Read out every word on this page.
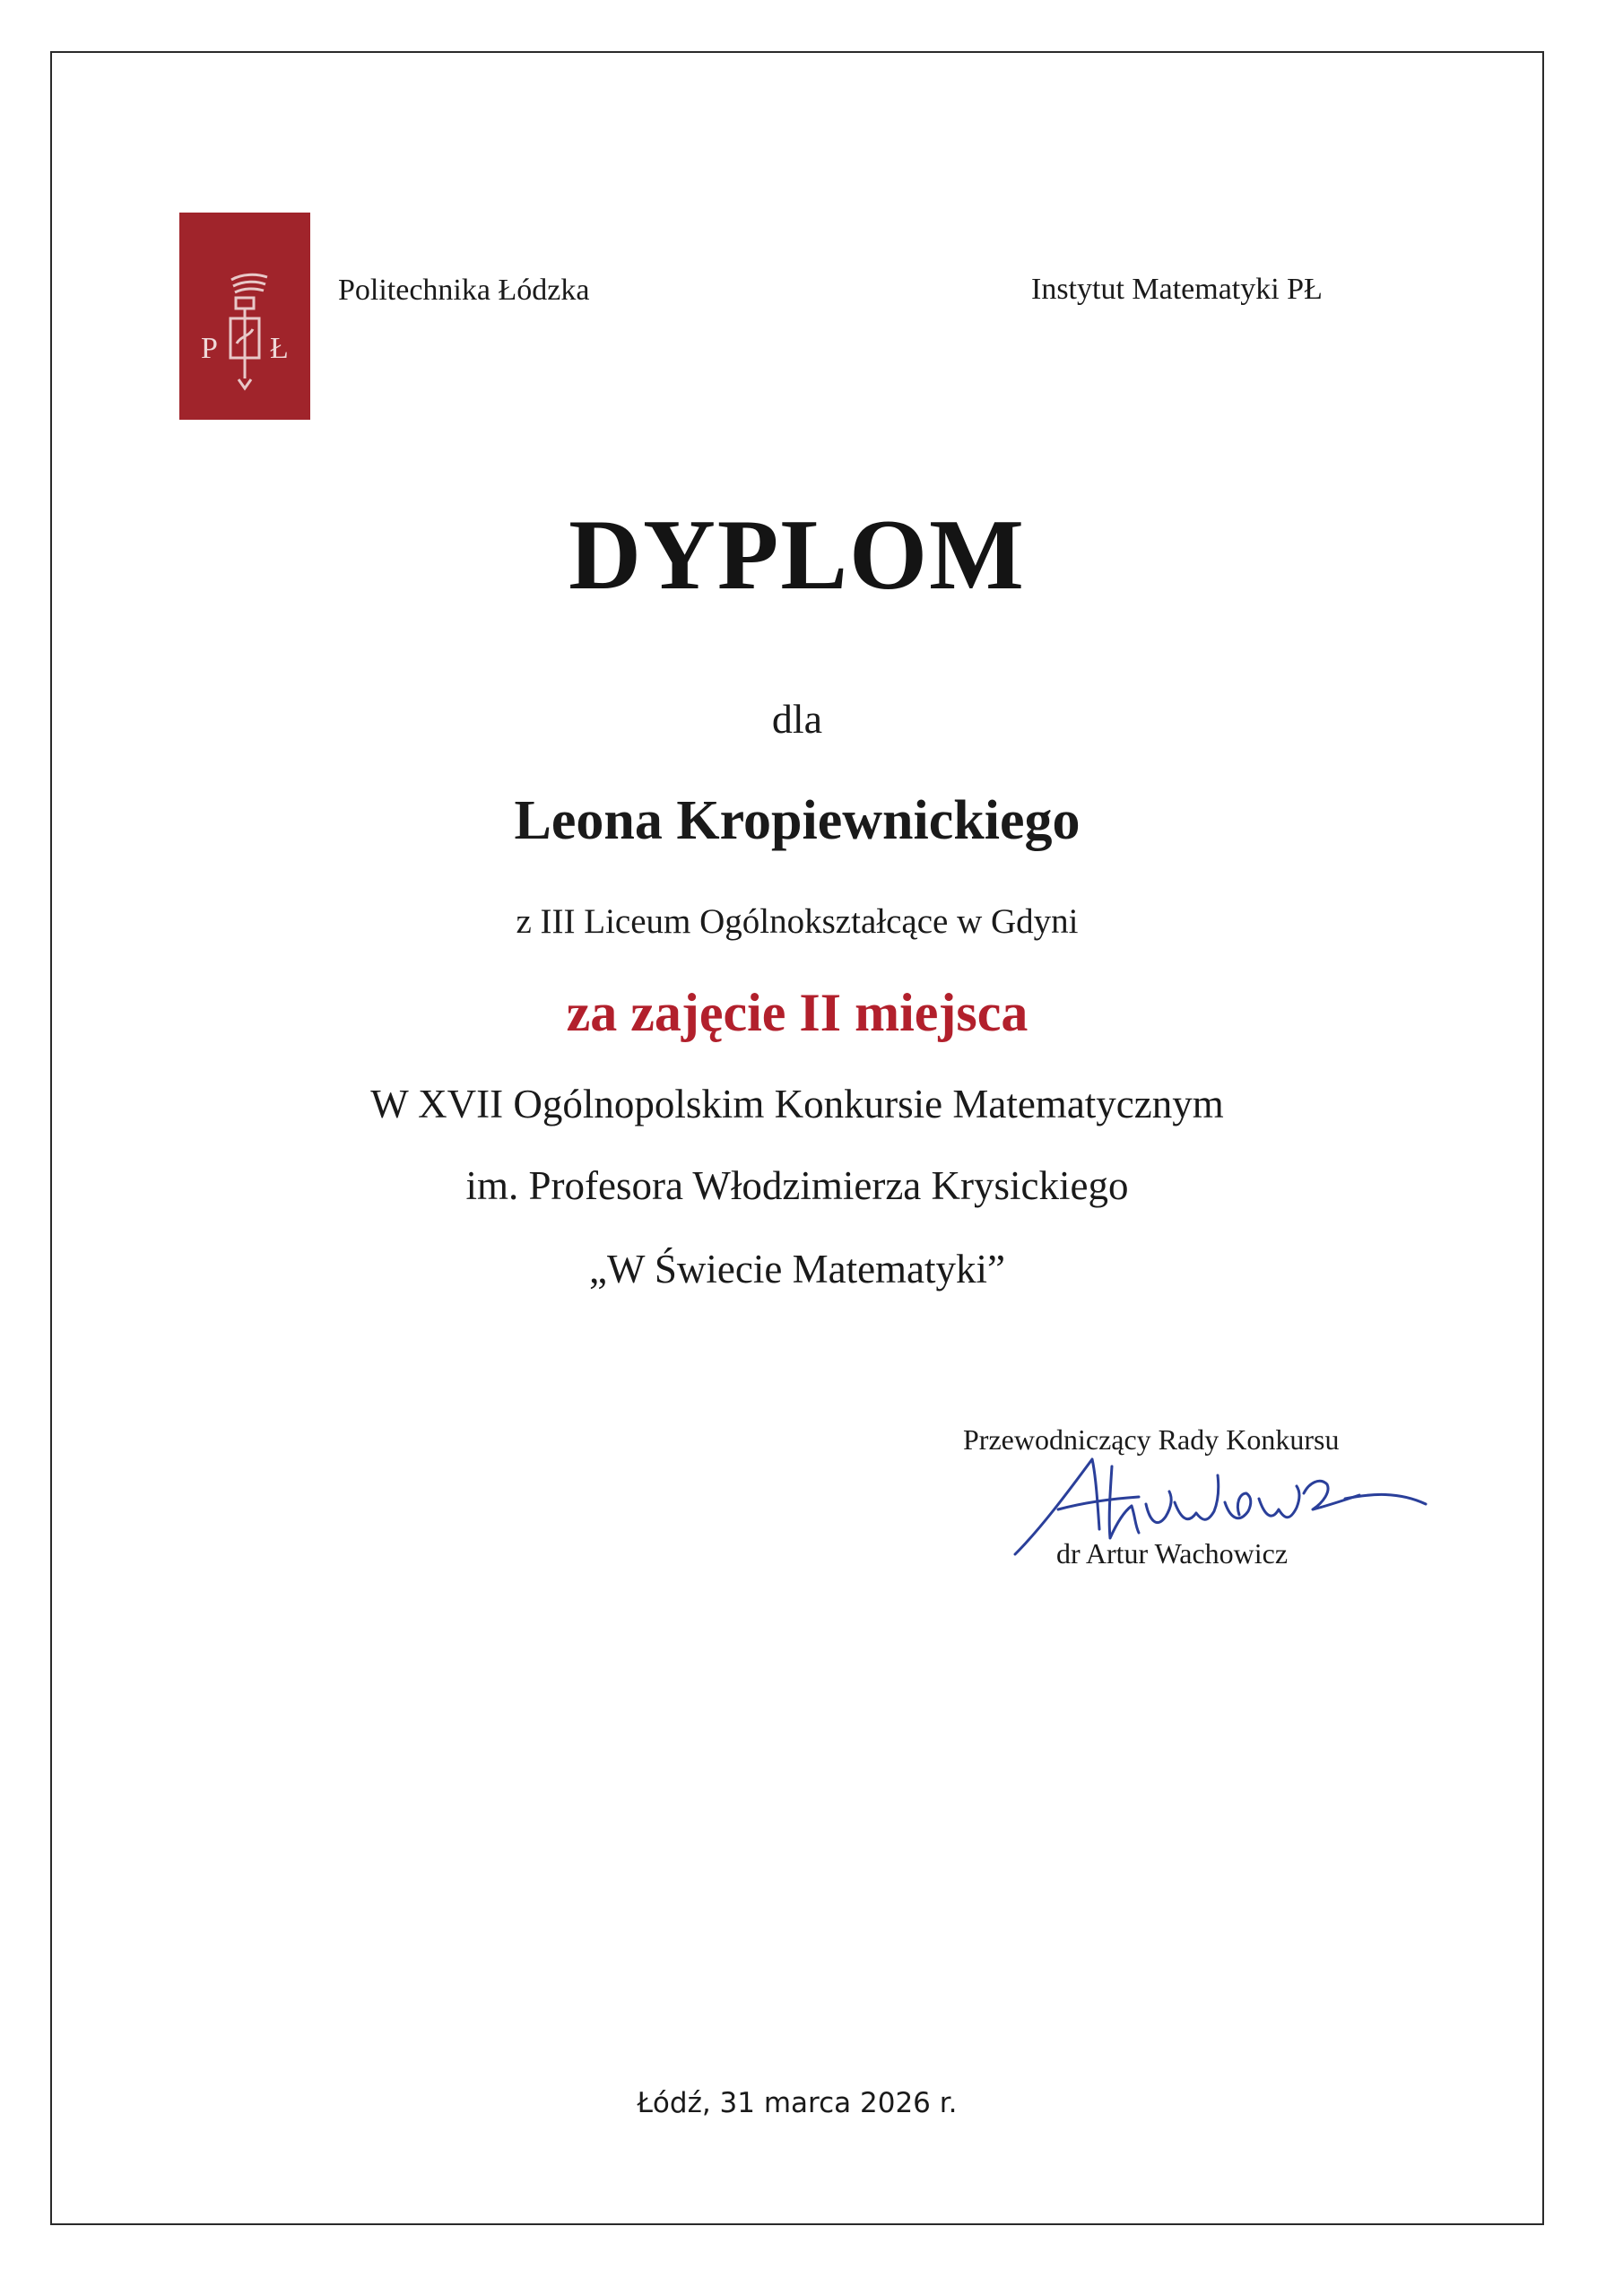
P Ł
Politechnika Łódzka	Instytut Matematyki PŁ
DYPLOM
dla
Leona Kropiewnickiego
z III Liceum Ogólnokształcące w Gdyni
za zajęcie II miejsca
W XVII Ogólnopolskim Konkursie Matematycznym
im. Profesora Włodzimierza Krysickiego
„W Świecie Matematyki”
Przewodniczący Rady Konkursu
dr Artur Wachowicz
Łódź, 31 marca 2026 r.
